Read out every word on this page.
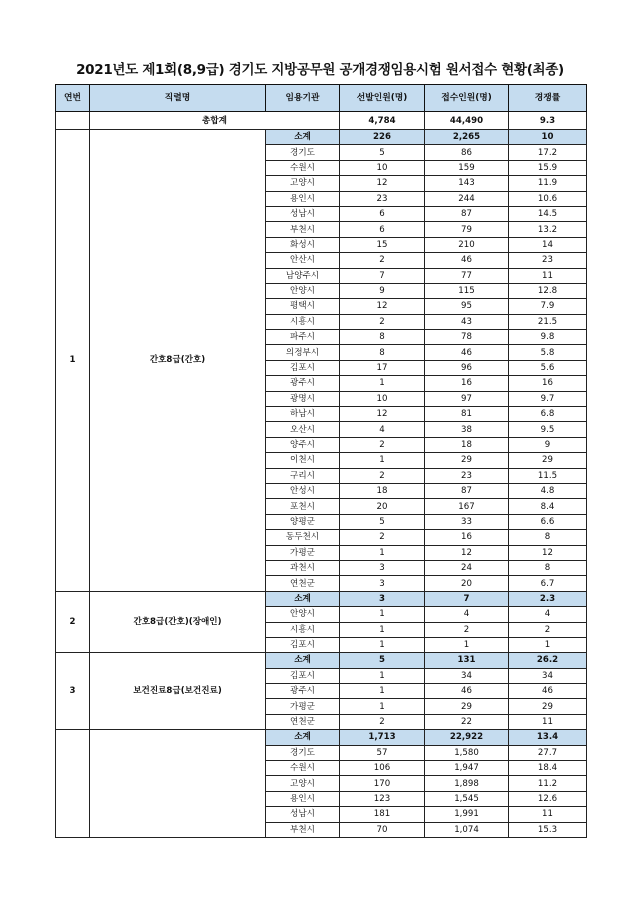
2021년도 제1회(8,9급) 경기도 지방공무원 공개경쟁임용시험 원서접수 현황(최종)
연번	직렬명	임용기관	선발인원(명)	접수인원(명)	경쟁률
	총합계		4,784	44,490	9.3
1	간호8급(간호)	소계	226	2,265	10
		경기도	5	86	17.2
		수원시	10	159	15.9
		고양시	12	143	11.9
		용인시	23	244	10.6
		성남시	6	87	14.5
		부천시	6	79	13.2
		화성시	15	210	14
		안산시	2	46	23
		남양주시	7	77	11
		안양시	9	115	12.8
		평택시	12	95	7.9
		시흥시	2	43	21.5
		파주시	8	78	9.8
		의정부시	8	46	5.8
		김포시	17	96	5.6
		광주시	1	16	16
		광명시	10	97	9.7
		하남시	12	81	6.8
		오산시	4	38	9.5
		양주시	2	18	9
		이천시	1	29	29
		구리시	2	23	11.5
		안성시	18	87	4.8
		포천시	20	167	8.4
		양평군	5	33	6.6
		동두천시	2	16	8
		가평군	1	12	12
		과천시	3	24	8
		연천군	3	20	6.7
2	간호8급(간호)(장애인)	소계	3	7	2.3
		안양시	1	4	4
		시흥시	1	2	2
		김포시	1	1	1
3	보건진료8급(보건진료)	소계	5	131	26.2
		김포시	1	34	34
		광주시	1	46	46
		가평군	1	29	29
		연천군	2	22	11
		소계	1,713	22,922	13.4
		경기도	57	1,580	27.7
		수원시	106	1,947	18.4
		고양시	170	1,898	11.2
		용인시	123	1,545	12.6
		성남시	181	1,991	11
		부천시	70	1,074	15.3
